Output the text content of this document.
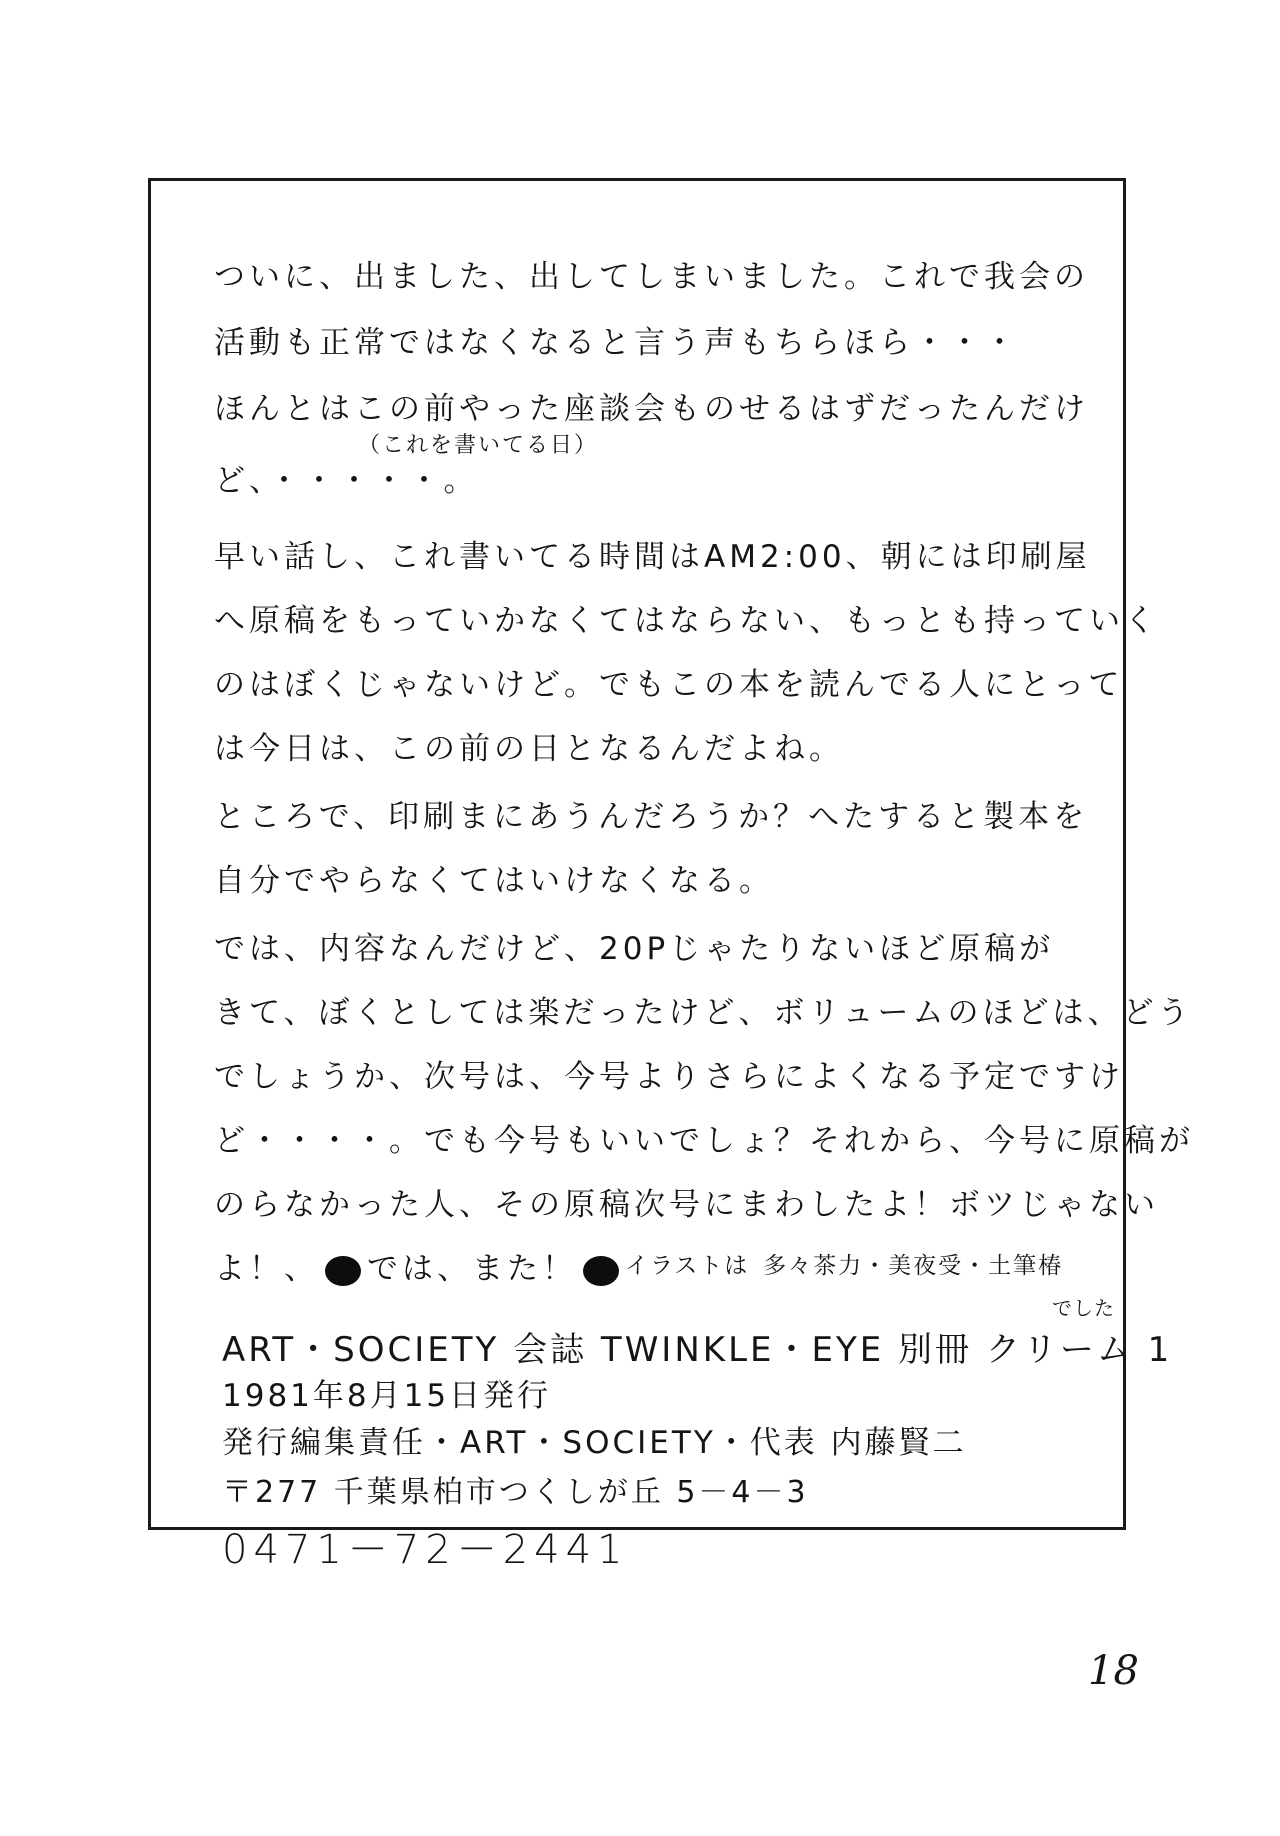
ついに、出ました、出してしまいました。これで我会の
活動も正常ではなくなると言う声もちらほら・・・
ほんとはこの前やった座談会ものせるはずだったんだけ
（これを書いてる日）
ど、・・・・・。
早い話し、これ書いてる時間はAM2:00、朝には印刷屋
へ原稿をもっていかなくてはならない、もっとも持っていく
のはぼくじゃないけど。でもこの本を読んでる人にとって
は今日は、この前の日となるんだよね。
ところで、印刷まにあうんだろうか？へたすると製本を
自分でやらなくてはいけなくなる。
では、内容なんだけど、20Pじゃたりないほど原稿が
きて、ぼくとしては楽だったけど、ボリュームのほどは、どう
でしょうか、次号は、今号よりさらによくなる予定ですけ
ど・・・・。でも今号もいいでしょ？それから、今号に原稿が
のらなかった人、その原稿次号にまわしたよ！ボツじゃない
よ！、 では、また！ イラストは 多々茶力・美夜受・土筆椿
でした
ART・SOCIETY 会誌 TWINKLE・EYE 別冊 クリーム 1
1981年8月15日発行
発行編集責任・ART・SOCIETY・代表 内藤賢二
〒277 千葉県柏市つくしが丘 5－4－3
0471－72－2441
18
